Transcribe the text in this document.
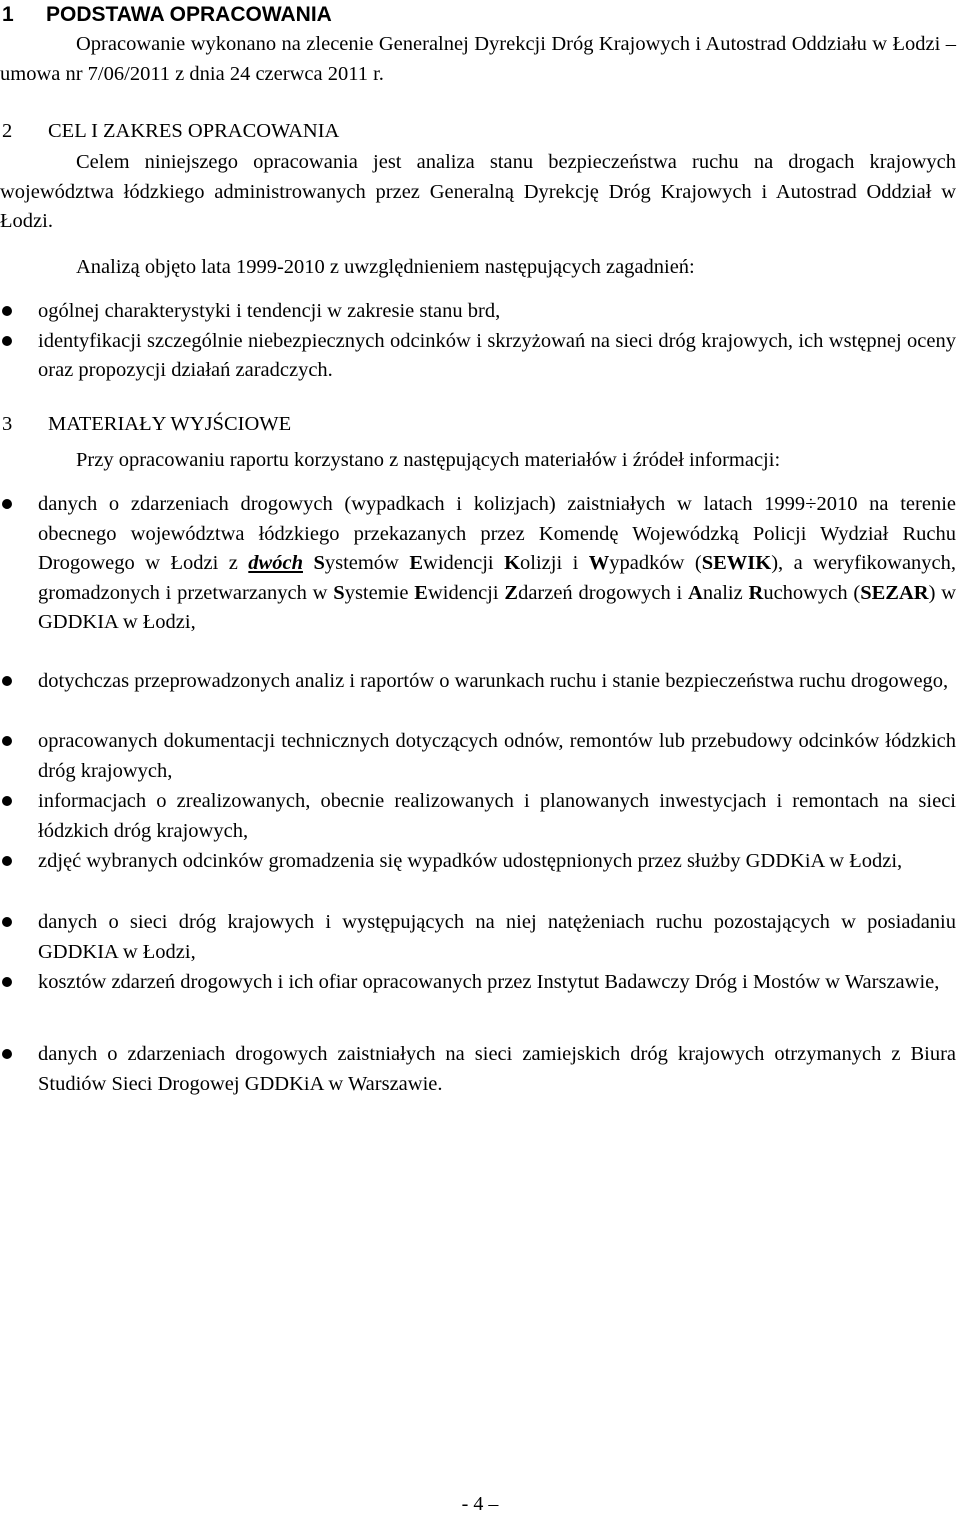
1 PODSTAWA OPRACOWANIA

Opracowanie wykonano na zlecenie Generalnej Dyrekcji Dróg Krajowych i Autostrad Oddziału w Łodzi – umowa nr 7/06/2011 z dnia 24 czerwca 2011 r.

2 CEL I ZAKRES OPRACOWANIA

Celem niniejszego opracowania jest analiza stanu bezpieczeństwa ruchu na drogach krajowych województwa łódzkiego administrowanych przez Generalną Dyrekcję Dróg Krajowych i Autostrad Oddział w Łodzi.

Analizą objęto lata 1999-2010 z uwzględnieniem następujących zagadnień:

ogólnej charakterystyki i tendencji w zakresie stanu brd,
identyfikacji szczególnie niebezpiecznych odcinków i skrzyżowań na sieci dróg krajowych, ich wstępnej oceny oraz propozycji działań zaradczych.
3 MATERIAŁY WYJŚCIOWE

Przy opracowaniu raportu korzystano z następujących materiałów i źródeł informacji:

danych o zdarzeniach drogowych (wypadkach i kolizjach) zaistniałych w latach 1999÷2010 na terenie obecnego województwa łódzkiego przekazanych przez Komendę Wojewódzką Policji Wydział Ruchu Drogowego w Łodzi z dwóch Systemów Ewidencji Kolizji i Wypadków (SEWIK), a weryfikowanych, gromadzonych i przetwarzanych w Systemie Ewidencji Zdarzeń drogowych i Analiz Ruchowych (SEZAR) w GDDKIA w Łodzi,
dotychczas przeprowadzonych analiz i raportów o warunkach ruchu i stanie bezpieczeństwa ruchu drogowego,
opracowanych dokumentacji technicznych dotyczących odnów, remontów lub przebudowy odcinków łódzkich dróg krajowych,
informacjach o zrealizowanych, obecnie realizowanych i planowanych inwestycjach i remontach na sieci łódzkich dróg krajowych,
zdjęć wybranych odcinków gromadzenia się wypadków udostępnionych przez służby GDDKiA w Łodzi,
danych o sieci dróg krajowych i występujących na niej natężeniach ruchu pozostających w posiadaniu GDDKIA w Łodzi,
kosztów zdarzeń drogowych i ich ofiar opracowanych przez Instytut Badawczy Dróg i Mostów w Warszawie,
danych o zdarzeniach drogowych zaistniałych na sieci zamiejskich dróg krajowych otrzymanych z Biura Studiów Sieci Drogowej GDDKiA w Warszawie.
- 4 –
